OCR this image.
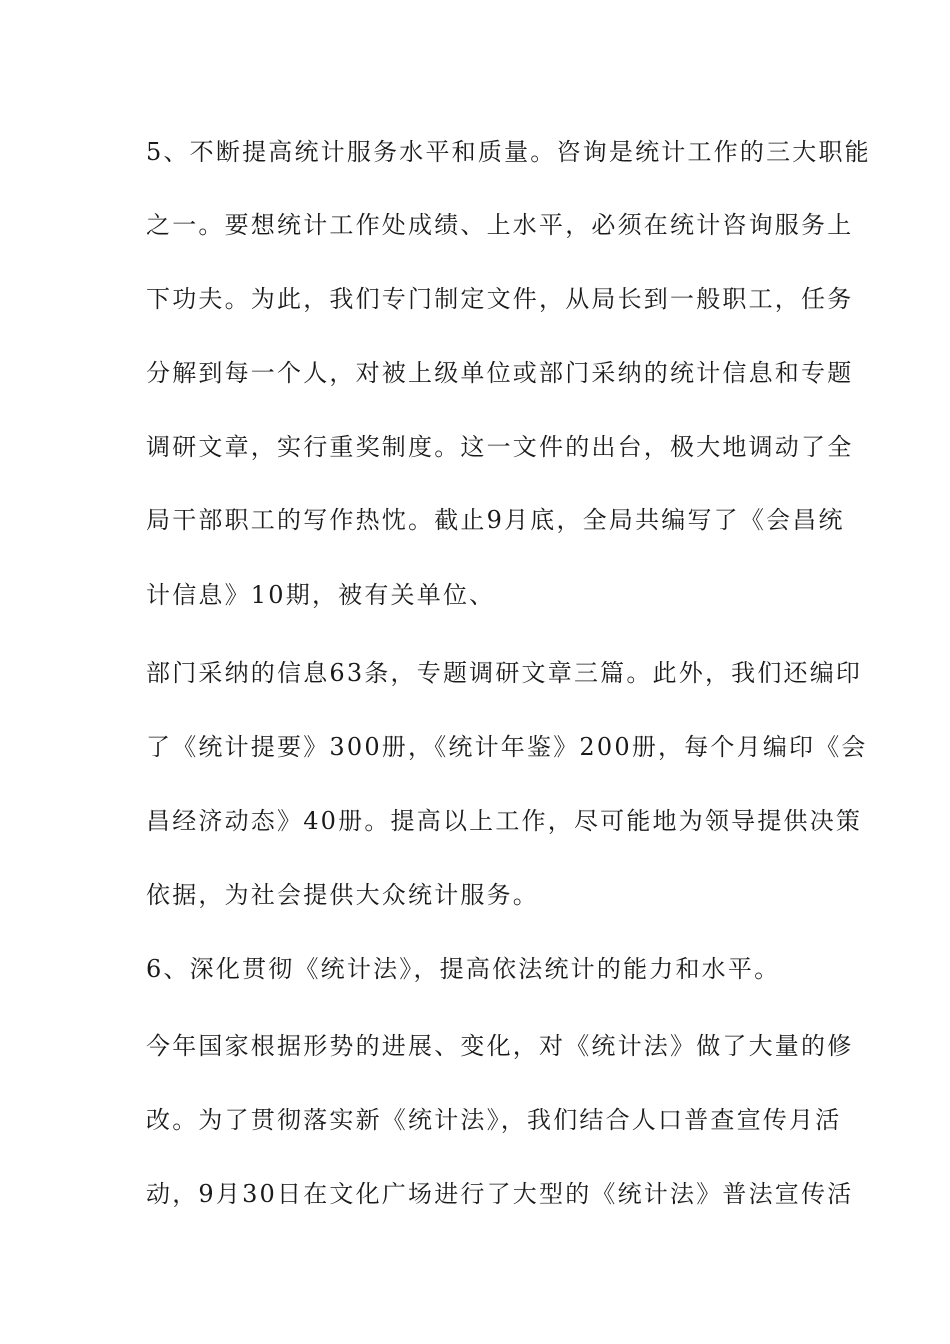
5、不断提高统计服务水平和质量。咨询是统计工作的三大职能
之一。要想统计工作处成绩、上水平，必须在统计咨询服务上
下功夫。为此，我们专门制定文件，从局长到一般职工，任务
分解到每一个人，对被上级单位或部门采纳的统计信息和专题
调研文章，实行重奖制度。这一文件的出台，极大地调动了全
局干部职工的写作热忱。截止9月底，全局共编写了《会昌统
计信息》10期，被有关单位、
部门采纳的信息63条，专题调研文章三篇。此外，我们还编印
了《统计提要》300册，《统计年鉴》200册，每个月编印《会
昌经济动态》40册。提高以上工作，尽可能地为领导提供决策
依据，为社会提供大众统计服务。
6、深化贯彻《统计法》，提高依法统计的能力和水平。
今年国家根据形势的进展、变化，对《统计法》做了大量的修
改。为了贯彻落实新《统计法》，我们结合人口普查宣传月活
动，9月30日在文化广场进行了大型的《统计法》普法宣传活
